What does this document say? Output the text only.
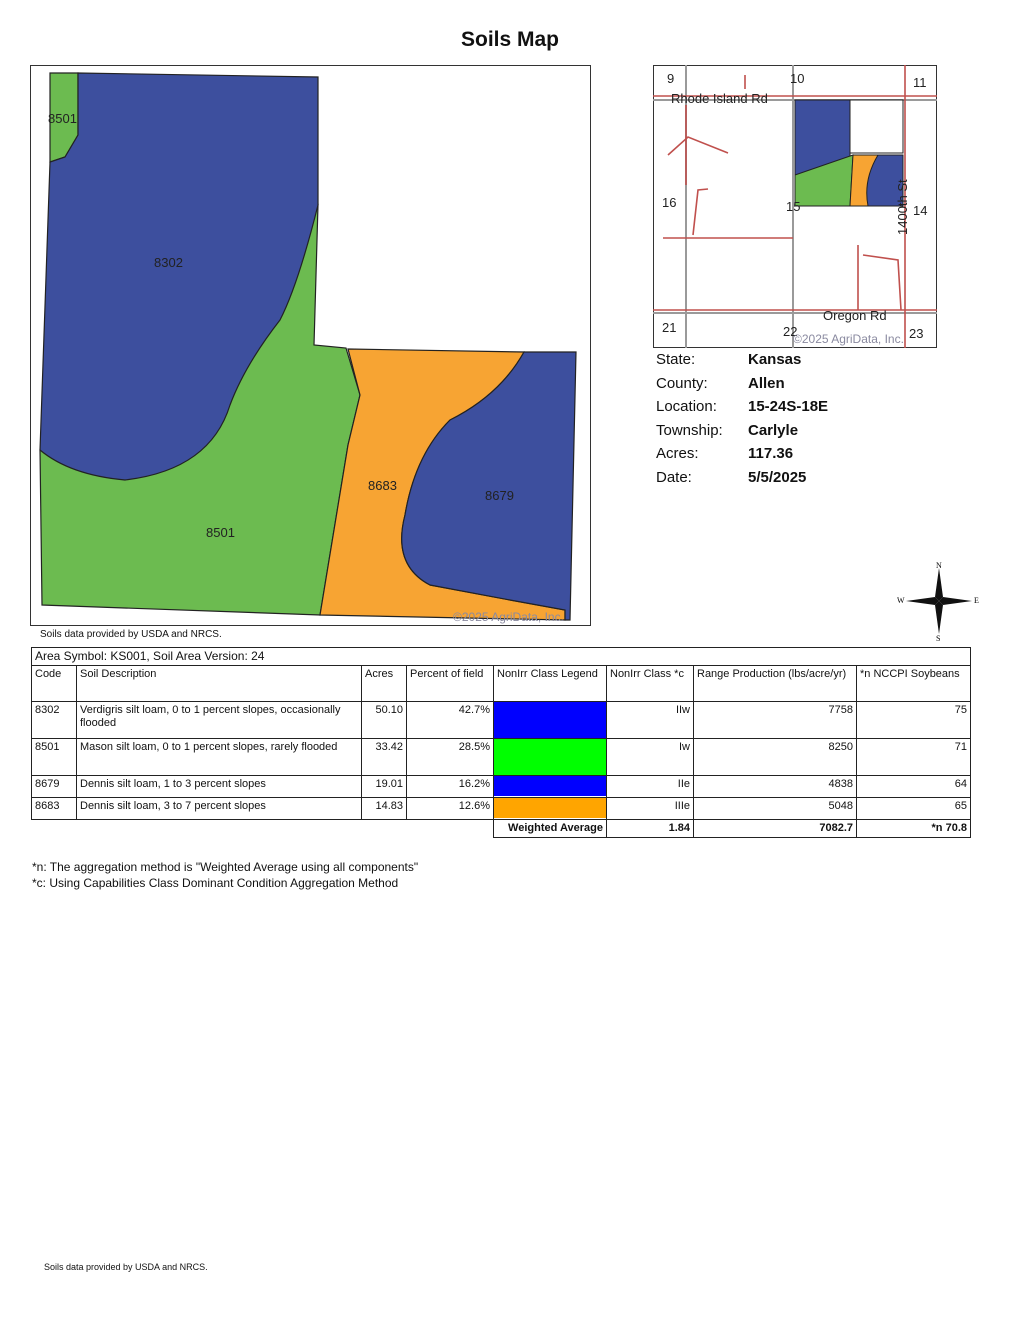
Soils Map
8501
8302
8683
8679
8501
©2025 AgriData, Inc.
9	10	11
16	15	14
21	22	23
Rhode Island Rd
1400th St
Oregon Rd
©2025 AgriData, Inc.
State:	Kansas
County:	Allen
Location:	15-24S-18E
Township:	Carlyle
Acres:	117.36
Date:	5/5/2025
N
E
S
W
Soils data provided by USDA and NRCS.
Area Symbol: KS001, Soil Area Version: 24							
Code	Soil Description	Acres	Percent of field	NonIrr Class Legend	NonIrr Class *c	Range Production (lbs/acre/yr)	*n NCCPI Soybeans
8302	Verdigris silt loam, 0 to 1 percent slopes, occasionally flooded	50.10	42.7%		IIw	7758	75
8501	Mason silt loam, 0 to 1 percent slopes, rarely flooded	33.42	28.5%		Iw	8250	71
8679	Dennis silt loam, 1 to 3 percent slopes	19.01	16.2%		IIe	4838	64
8683	Dennis silt loam, 3 to 7 percent slopes	14.83	12.6%		IIIe	5048	65
				Weighted Average	1.84	7082.7	*n 70.8
*n: The aggregation method is "Weighted Average using all components"
*c: Using Capabilities Class Dominant Condition Aggregation Method
Soils data provided by USDA and NRCS.
